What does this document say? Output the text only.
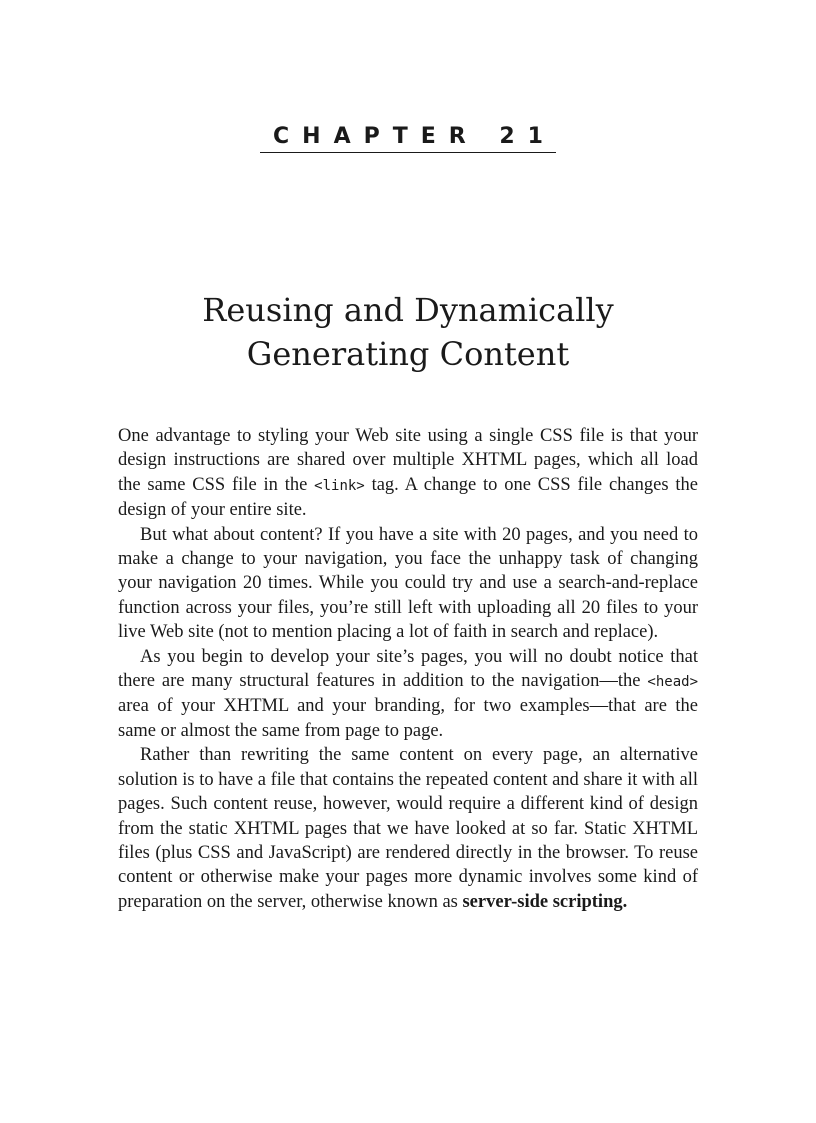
CHAPTER 21
Reusing and Dynamically
Generating Content

One advantage to styling your Web site using a single CSS file is that your design instructions are shared over multiple XHTML pages, which all load the same CSS file in the <link> tag. A change to one CSS file changes the design of your entire site.

But what about content? If you have a site with 20 pages, and you need to make a change to your navigation, you face the unhappy task of changing your navigation 20 times. While you could try and use a search-and-replace function across your files, you’re still left with uploading all 20 files to your live Web site (not to mention placing a lot of faith in search and replace).

As you begin to develop your site’s pages, you will no doubt notice that there are many structural features in addition to the navigation—the <head> area of your XHTML and your branding, for two examples—that are the same or almost the same from page to page.

Rather than rewriting the same content on every page, an alternative solution is to have a file that contains the repeated content and share it with all pages. Such content reuse, however, would require a different kind of design from the static XHTML pages that we have looked at so far. Static XHTML files (plus CSS and JavaScript) are rendered directly in the browser. To reuse content or otherwise make your pages more dynamic involves some kind of preparation on the server, otherwise known as server-side scripting.
